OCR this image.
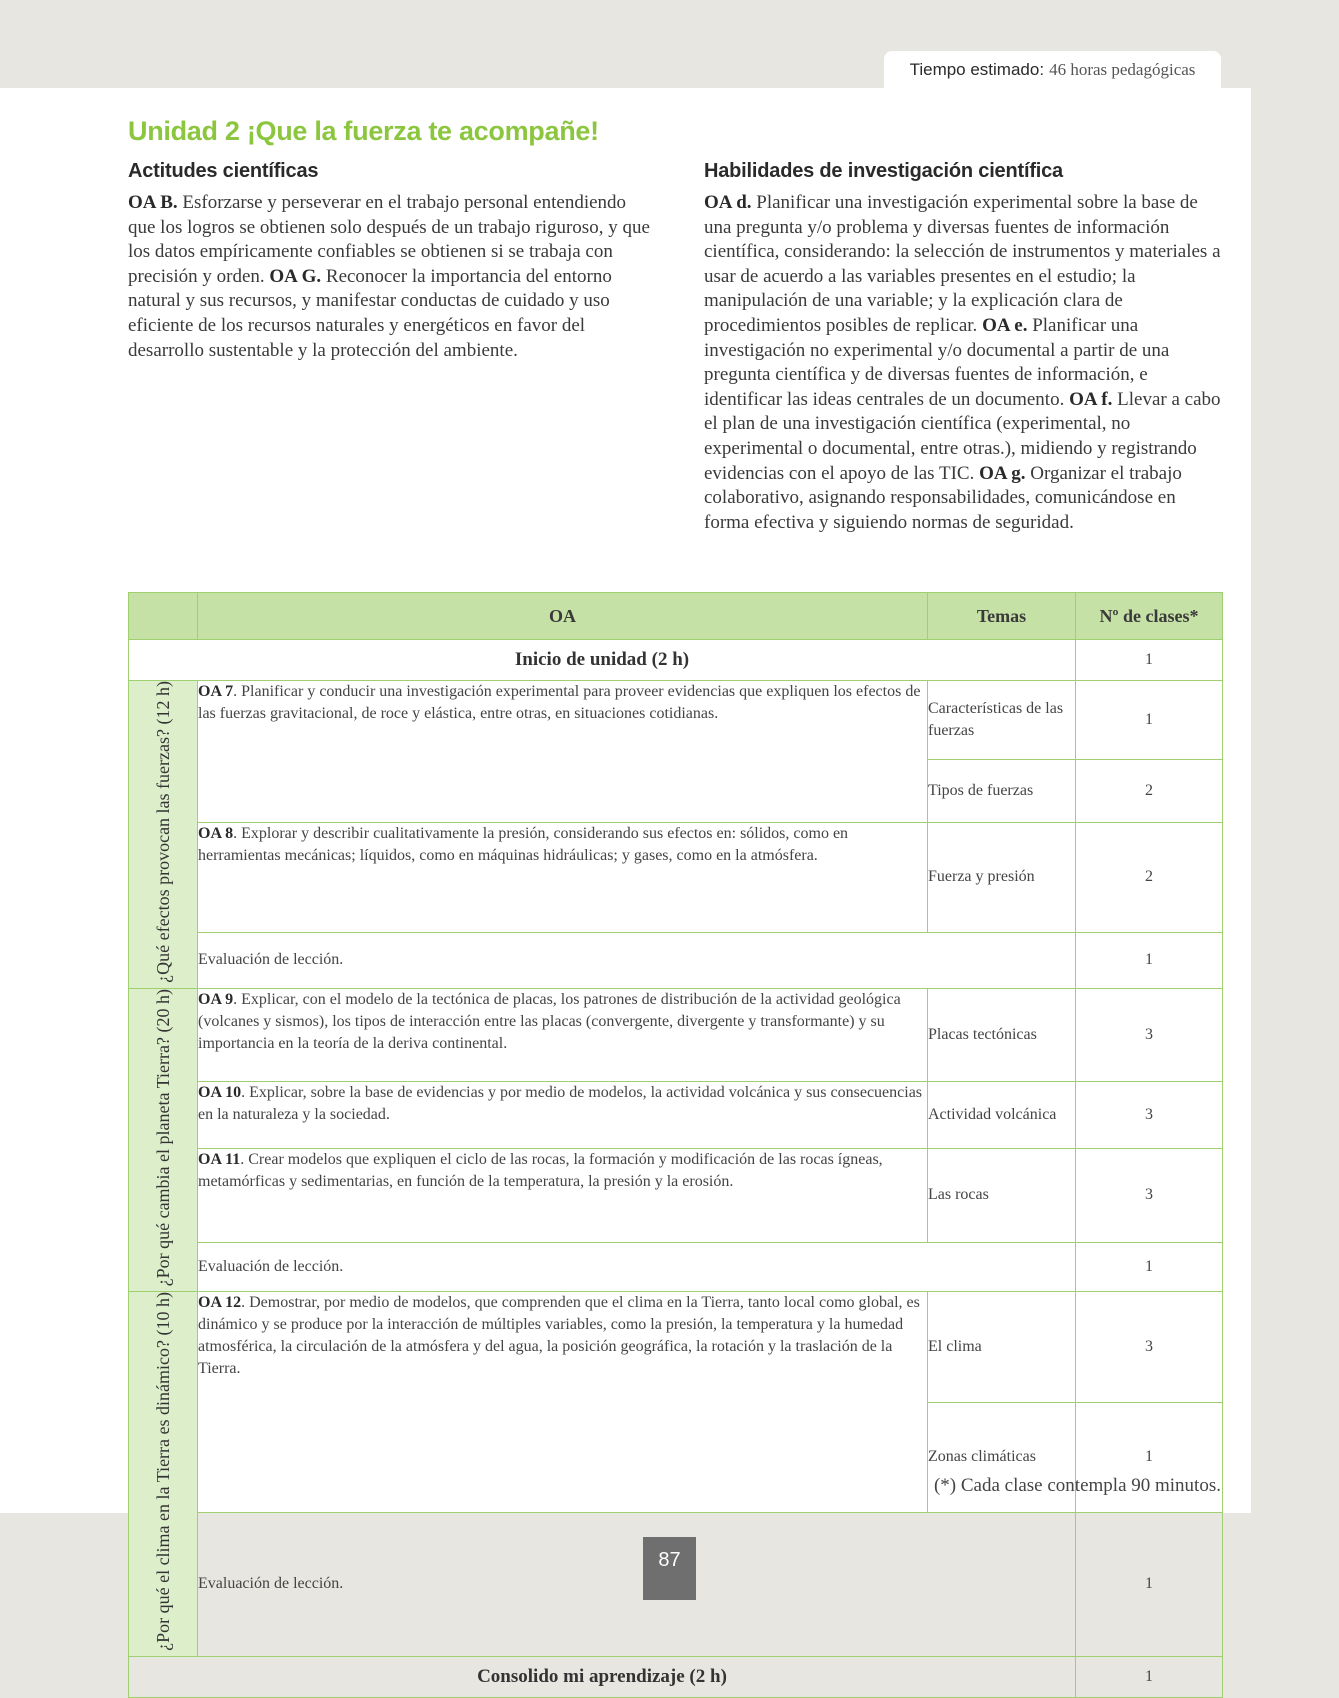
Tiempo estimado: 46 horas pedagógicas
Unidad 2 ¡Que la fuerza te acompañe!
Actitudes científicas

OA B. Esforzarse y perseverar en el trabajo personal entendiendo que los logros se obtienen solo después de un trabajo riguroso, y que los datos empíricamente confiables se obtienen si se trabaja con precisión y orden. OA G. Reconocer la importancia del entorno natural y sus recursos, y manifestar conductas de cuidado y uso eficiente de los recursos naturales y energéticos en favor del desarrollo sustentable y la protección del ambiente.

Habilidades de investigación científica

OA d. Planificar una investigación experimental sobre la base de una pregunta y/o problema y diversas fuentes de información científica, considerando: la selección de instrumentos y materiales a usar de acuerdo a las variables presentes en el estudio; la manipulación de una variable; y la explicación clara de procedimientos posibles de replicar. OA e. Planificar una investigación no experimental y/o documental a partir de una pregunta científica y de diversas fuentes de información, e identificar las ideas centrales de un documento. OA f. Llevar a cabo el plan de una investigación científica (experimental, no experimental o documental, entre otras.), midiendo y registrando evidencias con el apoyo de las TIC. OA g. Organizar el trabajo colaborativo, asignando responsabilidades, comunicándose en forma efectiva y siguiendo normas de seguridad.

	OA	Temas	Nº de clases*
Inicio de unidad (2 h)			1
¿Qué efectos provocan las fuerzas? (12 h)	OA 7. Planificar y conducir una investigación experimental para proveer evidencias que expliquen los efectos de las fuerzas gravitacional, de roce y elástica, entre otras, en situaciones cotidianas.	Características de las fuerzas	1
		Tipos de fuerzas	2
	OA 8. Explorar y describir cualitativamente la presión, considerando sus efectos en: sólidos, como en herramientas mecánicas; líquidos, como en máquinas hidráulicas; y gases, como en la atmósfera.	Fuerza y presión	2
	Evaluación de lección.		1
¿Por qué cambia el planeta Tierra? (20 h)	OA 9. Explicar, con el modelo de la tectónica de placas, los patrones de distribución de la actividad geológica (volcanes y sismos), los tipos de interacción entre las placas (convergente, divergente y transformante) y su importancia en la teoría de la deriva continental.	Placas tectónicas	3
	OA 10. Explicar, sobre la base de evidencias y por medio de modelos, la actividad volcánica y sus consecuencias en la naturaleza y la sociedad.	Actividad volcánica	3
	OA 11. Crear modelos que expliquen el ciclo de las rocas, la formación y modificación de las rocas ígneas, metamórficas y sedimentarias, en función de la temperatura, la presión y la erosión.	Las rocas	3
	Evaluación de lección.		1
¿Por qué el clima en la Tierra es dinámico? (10 h)	OA 12. Demostrar, por medio de modelos, que comprenden que el clima en la Tierra, tanto local como global, es dinámico y se produce por la interacción de múltiples variables, como la presión, la temperatura y la humedad atmosférica, la circulación de la atmósfera y del agua, la posición geográfica, la rotación y la traslación de la Tierra.	El clima	3
		Zonas climáticas	1
	Evaluación de lección.		1
Consolido mi aprendizaje (2 h)			1
(*) Cada clase contempla 90 minutos.
87
